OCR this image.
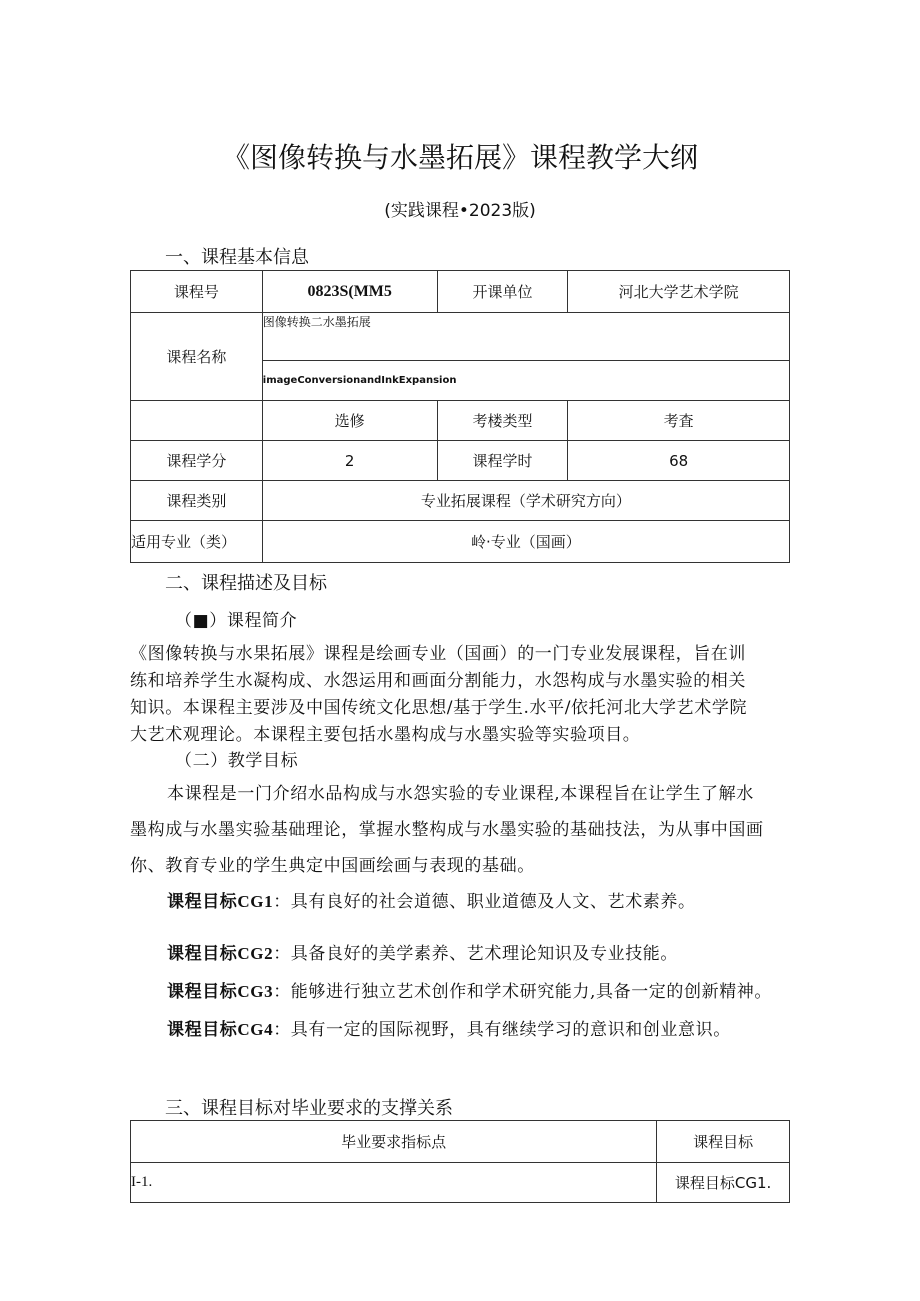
《图像转换与水墨拓展》课程教学大纲
(实践课程•2023版)
一、课程基本信息
课程号	0823S(MM5	开课单位	河北大学艺术学院
课程名称	图像转换二水墨拓展		
	imageConversionandInkExpansion		
	选修	考楼类型	考査
课程学分	2	课程学时	68
课程类别	专业拓展课程（学术研究方向）		
适用专业（类）	岭·专业（国画）		
二、课程描述及目标
（■）课程简介
《图像转换与水果拓展》课程是绘画专业（国画）的一门专业发展课程，旨在训
练和培养学生水凝构成、水怨运用和画面分割能力，水怨构成与水墨实验的相关
知识。本课程主要涉及中国传统文化思想/基于学生.水平/依托河北大学艺术学院
大艺术观理论。本课程主要包括水墨构成与水墨实验等实验项目。
（二）教学目标
本课程是一门介绍水品构成与水怨实验的专业课程,本课程旨在让学生了解水
墨构成与水墨实验基础理论，掌握水整构成与水墨实验的基础技法，为从事中国画
你、教育专业的学生典定中国画绘画与表现的基础。
课程目标CG1：具有良好的社会道德、职业道德及人文、艺术素养。
课程目标CG2：具备良好的美学素养、艺术理论知识及专业技能。
课程目标CG3：能够进行独立艺术创作和学术研究能力,具备一定的创新精神。
课程目标CG4：具有一定的国际视野，具有继续学习的意识和创业意识。
三、课程目标对毕业要求的支撑关系
毕业要求指标点	课程目标
I-1.	课程目标CG1.
